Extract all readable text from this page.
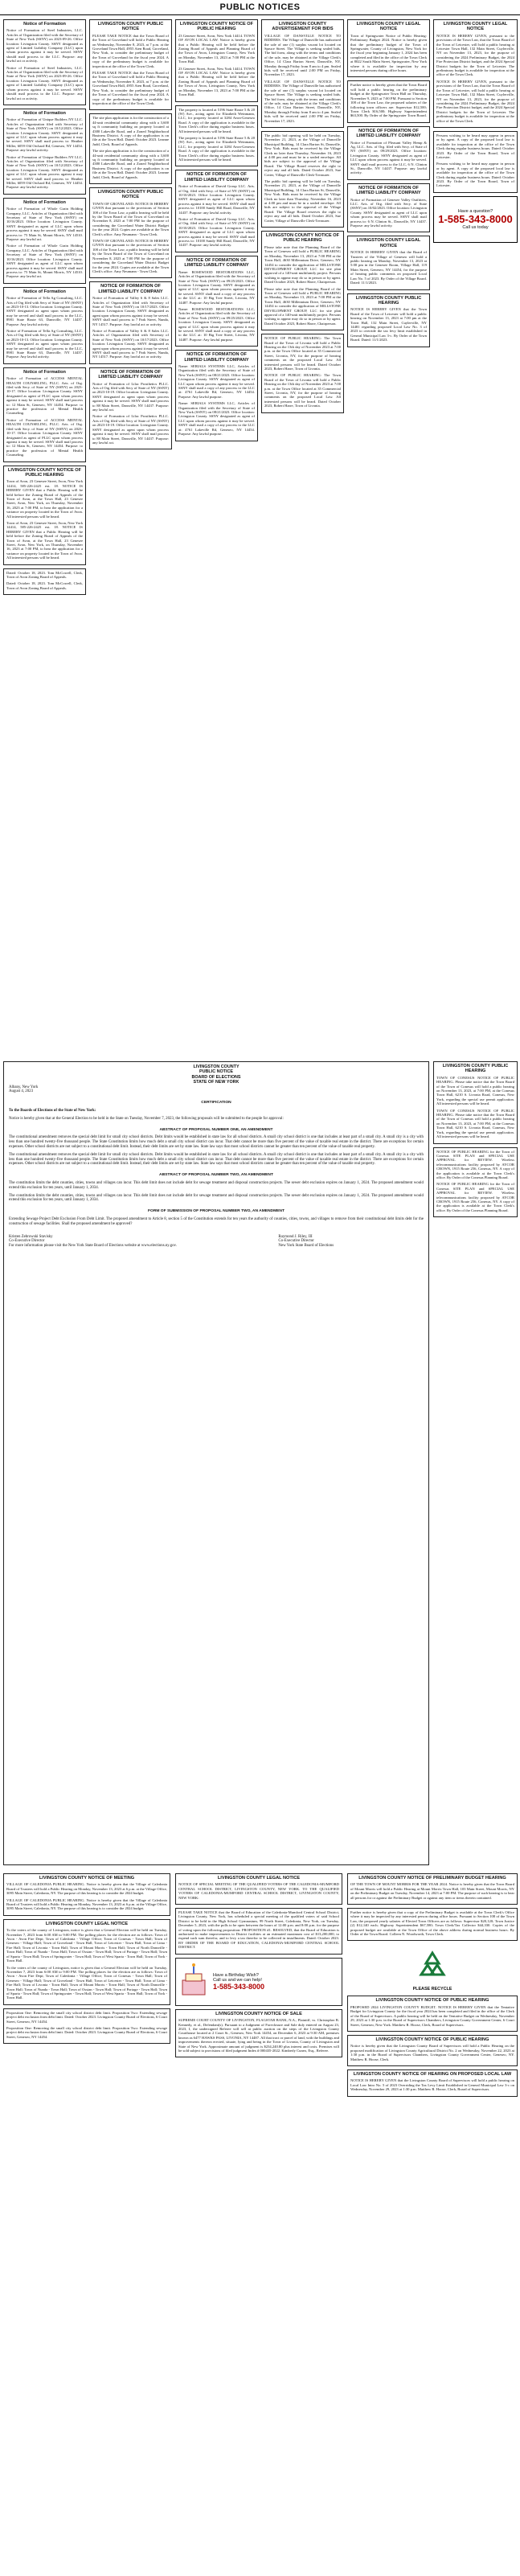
PUBLIC NOTICES
Notice of Formation

Notice of Formation of Steel Industries, LLC. Articles of Organization filed with the Secretary of State of New York (SSNY) on 2023-09-26. Office location: Livingston County. SSNY designated as agent of Limited Liability Company (LLC) upon whom process against it may be served. SSNY should mail process to the LLC. Purpose: any lawful act or activity.

Notice of Formation of Steel Industries, LLC. Articles of Organization filed with the Secretary of State of New York (SSNY) on 2023-09-26. Office location: Livingston County. SSNY designated as agent of Limited Liability Company (LLC) upon whom process against it may be served. SSNY should mail process to the LLC. Purpose: any lawful act or activity.

Notice of Formation

Notice of Formation of Unique Builders NY LLC. Articles of Organization filed with Secretary of State of New York (SSNY) on 10/12/2023. Office location: Livingston County. SSNY designated as agent of LLC upon whom process against it may be served. SSNY shall mail process to: Heather Miller, 6059 Old Orchard Rd, Geneseo, NY 14454. Purpose: any lawful activity.

Notice of Formation of Unique Builders NY LLC. Articles of Organization filed with Secretary of State of New York (SSNY) on 10/12/2023. Office location: Livingston County. SSNY designated as agent of LLC upon whom process against it may be served. SSNY shall mail process to: Heather Miller, 6059 Old Orchard Rd, Geneseo, NY 14454. Purpose: any lawful activity.

Notice of Formation

Notice of Formation of Whole Grain Holding Company, LLC. Articles of Organization filed with Secretary of State of New York (SSNY) on 10/16/2023. Office location: Livingston County. SSNY designated as agent of LLC upon whom process against it may be served. SSNY shall mail process to: 75 Main St, Mount Morris, NY 14510. Purpose: any lawful act.

Notice of Formation of Whole Grain Holding Company, LLC. Articles of Organization filed with Secretary of State of New York (SSNY) on 10/16/2023. Office location: Livingston County. SSNY designated as agent of LLC upon whom process against it may be served. SSNY shall mail process to: 75 Main St, Mount Morris, NY 14510. Purpose: any lawful act.

Notice of Formation

Notice of Formation of Tella Ag Consulting, LLC. Arts of Org filed with Secy of State of NY (SSNY) on 2023-10-13. Office location: Livingston County. SSNY designated as agent upon whom process may be served and shall mail process to the LLC, 8981 State Route 63, Dansville, NY 14437. Purpose: Any lawful activity.

Notice of Formation of Tella Ag Consulting, LLC. Arts of Org filed with Secy of State of NY (SSNY) on 2023-10-13. Office location: Livingston County. SSNY designated as agent upon whom process may be served and shall mail process to the LLC, 8981 State Route 63, Dansville, NY 14437. Purpose: Any lawful activity.

Notice of Formation

Notice of Formation of ACCESS MENTAL HEALTH COUNSELING, PLLC. Arts. of Org. filed with Secy. of State of NY (SSNY) on 2023-10-17. Office location: Livingston County. SSNY designated as agent of PLLC upon whom process against it may be served. SSNY shall mail process to: 12 Main St, Geneseo, NY 14454. Purpose: to practice the profession of Mental Health Counseling.

Notice of Formation of ACCESS MENTAL HEALTH COUNSELING, PLLC. Arts. of Org. filed with Secy. of State of NY (SSNY) on 2023-10-17. Office location: Livingston County. SSNY designated as agent of PLLC upon whom process against it may be served. SSNY shall mail process to: 12 Main St, Geneseo, NY 14454. Purpose: to practice the profession of Mental Health Counseling.

LIVINGSTON COUNTY NOTICE OF PUBLIC HEARING

Town of Avon, 23 Genesee Street, Avon, New York 14414, 585-226-2425 ext. 18. NOTICE IS HEREBY GIVEN that a Public Hearing will be held before the Zoning Board of Appeals of the Town of Avon, at the Town Hall, 23 Genesee Street, Avon, New York, on Thursday, November 16, 2023 at 7:00 PM, to hear the application for a variance on property located in the Town of Avon. All interested persons will be heard.

Town of Avon, 23 Genesee Street, Avon, New York 14414, 585-226-2425 ext. 18. NOTICE IS HEREBY GIVEN that a Public Hearing will be held before the Zoning Board of Appeals of the Town of Avon, at the Town Hall, 23 Genesee Street, Avon, New York, on Thursday, November 16, 2023 at 7:00 PM, to hear the application for a variance on property located in the Town of Avon. All interested persons will be heard.

Dated: October 18, 2023. Tom McCowell, Clerk, Town of Avon Zoning Board of Appeals.

Dated: October 18, 2023. Tom McCowell, Clerk, Town of Avon Zoning Board of Appeals.

LIVINGSTON COUNTY PUBLIC NOTICE

PLEASE TAKE NOTICE that the Town Board of the Town of Groveland will hold a Public Hearing on Wednesday, November 8, 2023, at 7 p.m. at the Groveland Town Hall, 4955 Aten Road, Groveland, New York, to consider the preliminary budget of the Town of Groveland for the fiscal year 2024. A copy of the preliminary budget is available for inspection at the office of the Town Clerk.

PLEASE TAKE NOTICE that the Town Board of the Town of Groveland will hold a Public Hearing on Wednesday, November 8, 2023, at 7 p.m. at the Groveland Town Hall, 4955 Aten Road, Groveland, New York, to consider the preliminary budget of the Town of Groveland for the fiscal year 2024. A copy of the preliminary budget is available for inspection at the office of the Town Clerk.

The site plan application is for the construction of a 44-unit residential community along with a 3,600 sq ft community building on property located at 4380 Lakeville Road, and a Zoned Neighborhood Business District. A copy of the application is on file at the Town Hall. Dated: October 2023. Leanne Judd, Clerk, Board of Appeals.

The site plan application is for the construction of a 44-unit residential community along with a 3,600 sq ft community building on property located at 4380 Lakeville Road, and a Zoned Neighborhood Business District. A copy of the application is on file at the Town Hall. Dated: October 2023. Leanne Judd, Clerk, Board of Appeals.

LIVINGSTON COUNTY PUBLIC NOTICE

TOWN OF GROVELAND: NOTICE IS HEREBY GIVEN that pursuant to the provisions of Section 108 of the Town Law, a public hearing will be held by the Town Board of the Town of Groveland on November 8, 2023 at 7:00 PM for the purpose of considering the Groveland Water District Budget for the year 2024. Copies are available at the Town Clerk's office. Amy Neumann - Town Clerk.

TOWN OF GROVELAND: NOTICE IS HEREBY GIVEN that pursuant to the provisions of Section 108 of the Town Law, a public hearing will be held by the Town Board of the Town of Groveland on November 8, 2023 at 7:00 PM for the purpose of considering the Groveland Water District Budget for the year 2024. Copies are available at the Town Clerk's office. Amy Neumann - Town Clerk.

NOTICE OF FORMATION OF LIMITED LIABILITY COMPANY

Notice of Formation of Valley 6 & 8 Sales LLC. Articles of Organization filed with Secretary of State of New York (SSNY) on 10/17/2023. Office location: Livingston County. SSNY designated as agent upon whom process against it may be served. SSNY shall mail process to 7 Park Street, Nunda, NY 14517. Purpose: Any lawful act or activity.

Notice of Formation of Valley 6 & 8 Sales LLC. Articles of Organization filed with Secretary of State of New York (SSNY) on 10/17/2023. Office location: Livingston County. SSNY designated as agent upon whom process against it may be served. SSNY shall mail process to 7 Park Street, Nunda, NY 14517. Purpose: Any lawful act or activity.

NOTICE OF FORMATION OF LIMITED LIABILITY COMPANY

Notice of Formation of Lilac Prosthetics PLLC. Arts of Org filed with Secy of State of NY (SSNY) on 2023-10-19. Office location: Livingston County. SSNY designated as agent upon whom process against it may be served. SSNY shall mail process to 88 Main Street, Dansville, NY 14437. Purpose: any lawful act.

Notice of Formation of Lilac Prosthetics PLLC. Arts of Org filed with Secy of State of NY (SSNY) on 2023-10-19. Office location: Livingston County. SSNY designated as agent upon whom process against it may be served. SSNY shall mail process to 88 Main Street, Dansville, NY 14437. Purpose: any lawful act.

LIVINGSTON COUNTY NOTICE OF PUBLIC HEARING

23 Genesee Street, Avon, New York 14414. TOWN OF AVON LOCAL LAW. Notice is hereby given that a Public Hearing will be held before the Zoning Board of Appeals and Planning Board of the Town of Avon, Livingston County, New York on Monday, November 13, 2023 at 7:00 PM at the Town Hall.

23 Genesee Street, Avon, New York 14414. TOWN OF AVON LOCAL LAW. Notice is hereby given that a Public Hearing will be held before the Zoning Board of Appeals and Planning Board of the Town of Avon, Livingston County, New York on Monday, November 13, 2023 at 7:00 PM at the Town Hall.

The property is located at 5196 State Route 5 & 20 (W) Ave., acting agent for Elizabeth Weinmann, LLC, for property located at 3284 Avon-Geneseo Road. A copy of the application is available in the Town Clerk's office during regular business hours. All interested persons will be heard.

The property is located at 5196 State Route 5 & 20 (W) Ave., acting agent for Elizabeth Weinmann, LLC, for property located at 3284 Avon-Geneseo Road. A copy of the application is available in the Town Clerk's office during regular business hours. All interested persons will be heard.

NOTICE OF FORMATION OF LIMITED LIABILITY COMPANY

Notice of Formation of Dravid Group LLC. Arts. of Org. filed with Secy. of State of NY (SSNY) on 10/10/2023. Office location: Livingston County. SSNY designated as agent of LLC upon whom process against it may be served. SSNY shall mail process to: 10100 Sandy Hill Road, Dansville, NY 14437. Purpose: any lawful activity.

Notice of Formation of Dravid Group LLC. Arts. of Org. filed with Secy. of State of NY (SSNY) on 10/10/2023. Office location: Livingston County. SSNY designated as agent of LLC upon whom process against it may be served. SSNY shall mail process to: 10100 Sandy Hill Road, Dansville, NY 14437. Purpose: any lawful activity.

NOTICE OF FORMATION OF LIMITED LIABILITY COMPANY

Name: ROSEWOOD RESTORATIONS LLC, Articles of Organization filed with the Secretary of State of New York (SSNY) on 09/25/2023. Office location: Livingston County. SSNY designated as agent of LLC upon whom process against it may be served. SSNY shall mail a copy of any process to the LLC at: 10 Big Tree Street, Livonia, NY 14487. Purpose: Any lawful purpose.

Name: ROSEWOOD RESTORATIONS LLC, Articles of Organization filed with the Secretary of State of New York (SSNY) on 09/25/2023. Office location: Livingston County. SSNY designated as agent of LLC upon whom process against it may be served. SSNY shall mail a copy of any process to the LLC at: 10 Big Tree Street, Livonia, NY 14487. Purpose: Any lawful purpose.

NOTICE OF FORMATION OF LIMITED LIABILITY COMPANY

Name: SERIALS SYSTEMS LLC, Articles of Organization filed with the Secretary of State of New York (SSNY) on 08/21/2023. Office location: Livingston County. SSNY designated as agent of LLC upon whom process against it may be served. SSNY shall mail a copy of any process to the LLC at: 4761 Lakeville Rd, Geneseo, NY 14454. Purpose: Any lawful purpose.

Name: SERIALS SYSTEMS LLC, Articles of Organization filed with the Secretary of State of New York (SSNY) on 08/21/2023. Office location: Livingston County. SSNY designated as agent of LLC upon whom process against it may be served. SSNY shall mail a copy of any process to the LLC at: 4761 Lakeville Rd, Geneseo, NY 14454. Purpose: Any lawful purpose.

LIVINGSTON COUNTY ADVERTISEMENT FOR BIDS

VILLAGE OF DANSVILLE NOTICE TO BIDDERS. The Village of Dansville has authorized the sale of one (1) surplus vacant lot located on Spruce Street. The Village is seeking sealed bids. The bid form, along with the terms and conditions of the sale, may be obtained at the Village Clerk's Office, 14 Clara Barton Street, Dansville, NY, Monday through Friday from 8 am to 4 pm. Sealed bids will be received until 2:00 PM on Friday, November 17, 2023.

VILLAGE OF DANSVILLE NOTICE TO BIDDERS. The Village of Dansville has authorized the sale of one (1) surplus vacant lot located on Spruce Street. The Village is seeking sealed bids. The bid form, along with the terms and conditions of the sale, may be obtained at the Village Clerk's Office, 14 Clara Barton Street, Dansville, NY, Monday through Friday from 8 am to 4 pm. Sealed bids will be received until 2:00 PM on Friday, November 17, 2023.

The public bid opening will be held on Tuesday, November 21, 2023, at the Village of Dansville Municipal Building, 14 Clara Barton St, Dansville, New York. Bids must be received by the Village Clerk no later than Thursday, November 16, 2023 at 4:00 pm and must be in a sealed envelope. All bids are subject to the approval of the Village Board. The Village Board reserves the right to reject any and all bids. Dated October 2023, Sue Cotter, Village of Dansville Clerk-Treasurer.

The public bid opening will be held on Tuesday, November 21, 2023, at the Village of Dansville Municipal Building, 14 Clara Barton St, Dansville, New York. Bids must be received by the Village Clerk no later than Thursday, November 16, 2023 at 4:00 pm and must be in a sealed envelope. All bids are subject to the approval of the Village Board. The Village Board reserves the right to reject any and all bids. Dated October 2023, Sue Cotter, Village of Dansville Clerk-Treasurer.

LIVINGSTON COUNTY NOTICE OF PUBLIC HEARING

Please take note that the Planning Board of the Town of Geneseo will hold a PUBLIC HEARING on Monday, November 13, 2023 at 7:00 PM at the Town Hall, 4630 Millennium Drive, Geneseo, NY 14454 to consider the application of MILLSTONE DEVELOPMENT GROUP, LLC for site plan approval of a 140-unit multifamily project. Persons wishing to appear may do so in person or by agent. Dated October 2023, Robert Harre, Chairperson.

Please take note that the Planning Board of the Town of Geneseo will hold a PUBLIC HEARING on Monday, November 13, 2023 at 7:00 PM at the Town Hall, 4630 Millennium Drive, Geneseo, NY 14454 to consider the application of MILLSTONE DEVELOPMENT GROUP, LLC for site plan approval of a 140-unit multifamily project. Persons wishing to appear may do so in person or by agent. Dated October 2023, Robert Harre, Chairperson.

NOTICE OF PUBLIC HEARING: The Town Board of the Town of Livonia will hold a Public Hearing on the 13th day of November 2023 at 7:00 p.m. at the Town Office located at 35 Commercial Street, Livonia, NY, for the purpose of hearing comments on the proposed Local Law. All interested persons will be heard. Dated October 2023, Robert Harre, Town of Livonia.

NOTICE OF PUBLIC HEARING: The Town Board of the Town of Livonia will hold a Public Hearing on the 13th day of November 2023 at 7:00 p.m. at the Town Office located at 35 Commercial Street, Livonia, NY, for the purpose of hearing comments on the proposed Local Law. All interested persons will be heard. Dated October 2023, Robert Harre, Town of Livonia.

LIVINGSTON COUNTY LEGAL NOTICE

Town of Springwater Notice of Public Hearing: Preliminary Budget 2024. Notice is hereby given that the preliminary budget of the Town of Springwater, County of Livingston, New York for the fiscal year beginning January 1, 2024 has been completed and filed in the office of the Town Clerk at 8022 South Main Street, Springwater, New York where it is available for inspection by any interested persons during office hours.

Further notice is hereby given that the Town Board will hold a public hearing on the preliminary budget at the Springwater Town Hall on Thursday, November 9, 2023 at 7:00 PM. Pursuant to Section 108 of the Town Law, the proposed salaries of the following town officers are: Supervisor $12,500; Town Clerk $16,500; Highway Superintendent $63,500. By Order of the Springwater Town Board.

NOTICE OF FORMATION OF LIMITED LIABILITY COMPANY

Notice of Formation of Pleasant Valley Hemp & Ag, LLC. Arts. of Org. filed with Secy. of State of NY (SSNY) on 09/29/2023. Office location: Livingston County. SSNY designated as agent of LLC upon whom process against it may be served. SSNY shall mail process to the LLC, 6 N. Clinton St., Dansville, NY 14437. Purpose: any lawful activity.

NOTICE OF FORMATION OF LIMITED LIABILITY COMPANY

Notice of Formation of Genesee Valley Outfitters, LLC. Arts. of Org. filed with Secy. of State (SSNY) on 10/02/2023. Office location: Livingston County. SSNY designated as agent of LLC upon whom process may be served. SSNY shall mail process to: 6 N. Clinton St., Dansville, NY 14437. Purpose: any lawful activity.

LIVINGSTON COUNTY LEGAL NOTICE

NOTICE IS HEREBY GIVEN that the Board of Trustees of the Village of Geneseo will hold a public hearing on Monday, November 13, 2023 at 5:00 pm in the Genesee Room, Village Hall, 119 Main Street, Geneseo, NY 14454, for the purpose of hearing public comments on proposed Local Law No. 5 of 2023. By Order of the Village Board. Dated: 11/1/2023.

LIVINGSTON COUNTY PUBLIC HEARING

NOTICE IS HEREBY GIVEN that the Town Board of the Town of Leicester will hold a public hearing on November 13, 2023 at 7:00 pm at the Town Hall, 132 Main Street, Cuylerville, NY 14481 regarding proposed Local Law No. 3 of 2023 to override the tax levy limit established in General Municipal Law 3-c. By Order of the Town Board. Dated: 11/1/2023.

LIVINGSTON COUNTY LEGAL NOTICE

NOTICE IS HEREBY GIVEN, pursuant to the provisions of the Town Law, that the Town Board of the Town of Leicester, will hold a public hearing at Leicester Town Hall, 132 Main Street, Cuylerville, NY on November 13, 2023, for the purpose of considering the 2024 Preliminary Budget, the 2024 Fire Protection District budget, and the 2024 Special District budgets for the Town of Leicester. The preliminary budget is available for inspection at the office of the Town Clerk.

NOTICE IS HEREBY GIVEN, pursuant to the provisions of the Town Law, that the Town Board of the Town of Leicester, will hold a public hearing at Leicester Town Hall, 132 Main Street, Cuylerville, NY on November 13, 2023, for the purpose of considering the 2024 Preliminary Budget, the 2024 Fire Protection District budget, and the 2024 Special District budgets for the Town of Leicester. The preliminary budget is available for inspection at the office of the Town Clerk.

Persons wishing to be heard may appear in person or by agent. A copy of the proposed local law is available for inspection at the office of the Town Clerk during regular business hours. Dated: October 2023. By Order of the Town Board, Town of Leicester.

Persons wishing to be heard may appear in person or by agent. A copy of the proposed local law is available for inspection at the office of the Town Clerk during regular business hours. Dated: October 2023. By Order of the Town Board, Town of Leicester.

Have a question?
1-585-343-8000
Call us today
LIVINGSTON COUNTY
PUBLIC NOTICE
BOARD OF ELECTIONS
STATE OF NEW YORK

Albany, New York
August 4, 2023

CERTIFICATION

To the Boards of Elections of the State of New York:

Notice is hereby given that at the General Election to be held in the State on Tuesday, November 7, 2023, the following proposals will be submitted to the people for approval:

ABSTRACT OF PROPOSAL NUMBER ONE, AN AMENDMENT

The constitutional amendment removes the special debt limit for small city school districts. Debt limits would be established in state law for all school districts. A small city school district is one that includes at least part of a small city. A small city is a city with less than one hundred twenty-five thousand people. The State Constitution limits how much debt a small city school district can incur. That debt cannot be more than five percent of the value of taxable real estate in the district. There are exceptions for certain expenses. Other school districts are not subject to a constitutional debt limit. Instead, their debt limits are set by state law. State law says that most school districts cannot be greater than ten percent of the value of taxable real property.

The constitutional amendment removes the special debt limit for small city school districts. Debt limits would be established in state law for all school districts. A small city school district is one that includes at least part of a small city. A small city is a city with less than one hundred twenty-five thousand people. The State Constitution limits how much debt a small city school district can incur. That debt cannot be more than five percent of the value of taxable real estate in the district. There are exceptions for certain expenses. Other school districts are not subject to a constitutional debt limit. Instead, their debt limits are set by state law. State law says that most school districts cannot be greater than ten percent of the value of taxable real property.

ABSTRACT OF PROPOSAL NUMBER TWO, AN AMENDMENT

The constitution limits the debt counties, cities, towns and villages can incur. This debt limit does not include debt for sewage treatment and disposal construction projects. The sewer debt exclusion expires on January 1, 2024. The proposed amendment would extend this exclusion for ten years, until January 1, 2034.

The constitution limits the debt counties, cities, towns and villages can incur. This debt limit does not include debt for sewage treatment and disposal construction projects. The sewer debt exclusion expires on January 1, 2024. The proposed amendment would extend this exclusion for ten years, until January 1, 2034.

FORM OF SUBMISSION OF PROPOSAL NUMBER TWO, AN AMENDMENT

Extending Sewage Project Debt Exclusion From Debt Limit. The proposed amendment to Article 8, section 5 of the Constitution extends for ten years the authority of counties, cities, towns, and villages to remove from their constitutional debt limits debt for the construction of sewage facilities. Shall the proposed amendment be approved?

Kristen Zebrowski Stavisky
Co-Executive Director
For more information please visit the New York State Board of Elections website at www.elections.ny.gov.

Raymond J. Riley, III
Co-Executive Director
New York State Board of Elections

LIVINGSTON COUNTY PUBLIC HEARING

TOWN OF CONESUS NOTICE OF PUBLIC HEARING. Please take notice that the Town Board of the Town of Conesus will hold a public hearing on November 13, 2023, at 7:00 PM, at the Conesus Town Hall, 6210 S. Livonia Road, Conesus, New York, regarding the special use permit application. All interested persons will be heard.

TOWN OF CONESUS NOTICE OF PUBLIC HEARING. Please take notice that the Town Board of the Town of Conesus will hold a public hearing on November 13, 2023, at 7:00 PM, at the Conesus Town Hall, 6210 S. Livonia Road, Conesus, New York, regarding the special use permit application. All interested persons will be heard.

NOTICE OF PUBLIC HEARING for the Town of Conesus SITE PLAN and SPECIAL USE APPROVAL for REVIEW. Wireless telecommunications facility proposed by AYCOR CROWN, 1915 Route 256, Conesus, NY. A copy of the application is available at the Town Clerk's office. By Order of the Conesus Planning Board.

NOTICE OF PUBLIC HEARING for the Town of Conesus SITE PLAN and SPECIAL USE APPROVAL for REVIEW. Wireless telecommunications facility proposed by AYCOR CROWN, 1915 Route 256, Conesus, NY. A copy of the application is available at the Town Clerk's office. By Order of the Conesus Planning Board.

LIVINGSTON COUNTY NOTICE OF MEETING

VILLAGE OF CALEDONIA PUBLIC HEARING. Notice is hereby given that the Village of Caledonia Board of Trustees will hold a Public Hearing on Monday, November 13, 2023 at 6 p.m. at the Village Office, 3095 Main Street, Caledonia, NY. The purpose of this hearing is to consider the 2024 budget.

VILLAGE OF CALEDONIA PUBLIC HEARING. Notice is hereby given that the Village of Caledonia Board of Trustees will hold a Public Hearing on Monday, November 13, 2023 at 6 p.m. at the Village Office, 3095 Main Street, Caledonia, NY. The purpose of this hearing is to consider the 2024 budget.

LIVINGSTON COUNTY LEGAL NOTICE

To the voters of the county of Livingston, notice is given that a General Election will be held on Tuesday, November 7, 2023 from 6:00 AM to 9:00 PM. The polling places for the election are as follows: Town of Avon - Avon Fire Dept; Town of Caledonia - Village Office; Town of Conesus - Town Hall; Town of Geneseo - Village Hall; Town of Groveland - Town Hall; Town of Leicester - Town Hall; Town of Lima - Fire Hall; Town of Livonia - Town Hall; Town of Mount Morris - Town Hall; Town of North Dansville - Town Hall; Town of Nunda - Town Hall; Town of Ossian - Town Hall; Town of Portage - Town Hall; Town of Sparta - Town Hall; Town of Springwater - Town Hall; Town of West Sparta - Town Hall; Town of York - Town Hall.

To the voters of the county of Livingston, notice is given that a General Election will be held on Tuesday, November 7, 2023 from 6:00 AM to 9:00 PM. The polling places for the election are as follows: Town of Avon - Avon Fire Dept; Town of Caledonia - Village Office; Town of Conesus - Town Hall; Town of Geneseo - Village Hall; Town of Groveland - Town Hall; Town of Leicester - Town Hall; Town of Lima - Fire Hall; Town of Livonia - Town Hall; Town of Mount Morris - Town Hall; Town of North Dansville - Town Hall; Town of Nunda - Town Hall; Town of Ossian - Town Hall; Town of Portage - Town Hall; Town of Sparta - Town Hall; Town of Springwater - Town Hall; Town of West Sparta - Town Hall; Town of York - Town Hall.

Proposition One: Removing the small city school district debt limit. Proposition Two: Extending sewage project debt exclusion from debt limit. Dated: October 2023. Livingston County Board of Elections, 6 Court Street, Geneseo, NY 14454.

Proposition One: Removing the small city school district debt limit. Proposition Two: Extending sewage project debt exclusion from debt limit. Dated: October 2023. Livingston County Board of Elections, 6 Court Street, Geneseo, NY 14454.

LIVINGSTON COUNTY LEGAL NOTICE

NOTICE OF SPECIAL MEETING OF THE QUALIFIED VOTERS OF THE CALEDONIA-MUMFORD CENTRAL SCHOOL DISTRICT, LIVINGSTON COUNTY, NEW YORK. TO THE QUALIFIED VOTERS OF CALEDONIA-MUMFORD CENTRAL SCHOOL DISTRICT, LIVINGSTON COUNTY, NEW YORK:

PLEASE TAKE NOTICE that the Board of Education of the Caledonia-Mumford Central School District, Livingston County, New York, has scheduled a special meeting of the qualified voters of said School District to be held in the High School Gymnasium, 99 North Street, Caledonia, New York, on Tuesday, December 5, 2023, with the polls to be open between the hours of 12:00 p.m. and 8:00 p.m. for the purpose of voting upon the following proposition: PROPOSITION #1. RESOLVED, that the Board of Education is authorized to make improvements to District facilities at an estimated maximum cost of $13,200,000, to expend such sum therefor, and to levy a tax therefor to be collected in installments. Dated: October 2023. BY ORDER OF THE BOARD OF EDUCATION, CALEDONIA-MUMFORD CENTRAL SCHOOL DISTRICT.

Have a Birthday Wish?
Call us and we can help!
1-585-343-8000
LIVINGSTON COUNTY NOTICE OF SALE

SUPREME COURT COUNTY OF LIVINGSTON, FLAGSTAR BANK, N.A., Plaintiff, vs. Christopher B. Kennedy, et al., Defendant(s). Pursuant to a Judgment of Foreclosure and Sale duly entered on August 23, 2023, I, the undersigned Referee will sell at public auction on the steps of the Livingston County Courthouse located at 2 Court St., Geneseo, New York 14454, on December 6, 2023 at 9:30 AM, premises known as 6477 HAWKS PASS, LIVONIA, NY 14487. All that tract or parcel of land, with the buildings and improvements thereon erected, situate, lying and being in the Town of Livonia, County of Livingston and State of New York. Approximate amount of judgment is $234,240.80 plus interest and costs. Premises will be sold subject to provisions of filed judgment Index # 000435-2022. Kimberly Cuneo, Esq., Referee.

LIVINGSTON COUNTY NOTICE OF PRELIMINARY BUDGET HEARING

OF THE TOWN OF MOUNT MORRIS FOR THE YEAR 2024. Notice is hereby given that the Town Board of Mount Morris will hold a Public Hearing at Mount Morris Town Hall, 103 Main Street, Mount Morris, NY on the Preliminary Budget on Tuesday, November 14, 2023 at 7:00 PM. The purpose of such hearing is to hear all persons for or against the Preliminary Budget or against any item or items therein contained.

Further notice is hereby given that a copy of the Preliminary Budget is available at the Town Clerk's Office where it may be inspected by any interested person during office hours. Pursuant to Section 108 of the Town Law, the proposed yearly salaries of Elected Town Officers are as follows: Supervisor $20,120; Town Justice (2) $12,140 each; Highway Superintendent $67,580; Town Clerk/Tax Collector $44,330. Copies of the proposed budget are available at the Town Office of the above address during normal business hours. By Order of the Town Board. Colleen N. Woodworth, Town Clerk.

PLEASE RECYCLE
LIVINGSTON COUNTY NOTICE OF PUBLIC HEARING

PROPOSED 2024 LIVINGSTON COUNTY BUDGET. NOTICE IS HEREBY GIVEN that the Tentative Budget for Livingston County for the fiscal year 2024 has been completed and filed in the office of the Clerk of the Board of Supervisors. A public hearing will be held on the Tentative Budget on Wednesday, November 29, 2023 at 1:30 p.m. in the Board of Supervisors Chambers, Livingston County Government Center, 6 Court Street, Geneseo, New York. Matthew R. Hoose, Clerk, Board of Supervisors.

LIVINGSTON COUNTY NOTICE OF PUBLIC HEARING

Notice is hereby given that the Livingston County Board of Supervisors will hold a Public Hearing on the proposed modification of Livingston County Agricultural District No. 2 on Wednesday, November 22, 2023 at 1:30 p.m. in the Board of Supervisors Chambers, Livingston County Government Center, Geneseo, NY. Matthew R. Hoose, Clerk.

LIVINGSTON COUNTY NOTICE OF HEARING ON PROPOSED LOCAL LAW

NOTICE IS HEREBY GIVEN that the Livingston County Board of Supervisors will hold a public hearing on Local Law Intro No. 5 of 2023 Overriding the Tax Levy Limit Established in General Municipal Law 3-c on Wednesday, November 29, 2023 at 1:30 p.m. Matthew R. Hoose, Clerk, Board of Supervisors.
